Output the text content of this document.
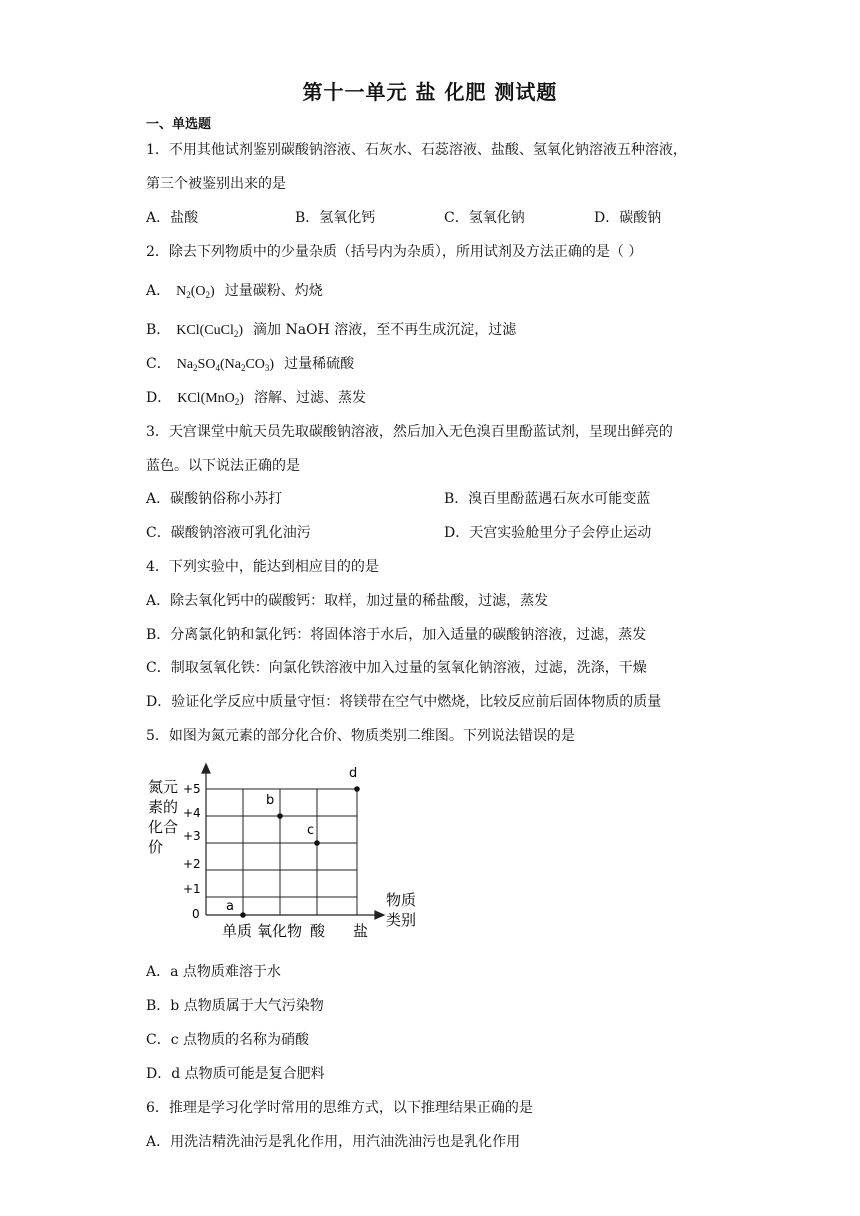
第十一单元 盐 化肥 测试题
一、单选题
1．不用其他试剂鉴别碳酸钠溶液、石灰水、石蕊溶液、盐酸、氢氧化钠溶液五种溶液，
第三个被鉴别出来的是
A．盐酸	B．氢氧化钙	C．氢氧化钠	D．碳酸钠
2．除去下列物质中的少量杂质（括号内为杂质），所用试剂及方法正确的是（ ）
A． $N_2(O_2)$ 过量碳粉、灼烧
B． KCl(CuCl$_2$) 滴加 NaOH 溶液，至不再生成沉淀，过滤
C． $Na_2SO_4(Na_2CO_3)$ 过量稀硫酸
D． KCl(MnO$_2$) 溶解、过滤、蒸发
3．天宫课堂中航天员先取碳酸钠溶液，然后加入无色溴百里酚蓝试剂，呈现出鲜亮的
蓝色。以下说法正确的是
A．碳酸钠俗称小苏打	B．溴百里酚蓝遇石灰水可能变蓝
C．碳酸钠溶液可乳化油污	D．天宫实验舱里分子会停止运动
4．下列实验中，能达到相应目的的是
A．除去氧化钙中的碳酸钙：取样，加过量的稀盐酸，过滤，蒸发
B．分离氯化钠和氯化钙：将固体溶于水后，加入适量的碳酸钠溶液，过滤，蒸发
C．制取氢氧化铁：向氯化铁溶液中加入过量的氢氧化钠溶液，过滤，洗涤，干燥
D．验证化学反应中质量守恒：将镁带在空气中燃烧，比较反应前后固体物质的质量
5．如图为氮元素的部分化合价、物质类别二维图。下列说法错误的是
氮元
素的
化合
价
+5
+4
+3
+2
+1
0
单质 氧化物 酸 盐
物质
类别
a
b
c
d
A．a 点物质难溶于水
B．b 点物质属于大气污染物
C．c 点物质的名称为硝酸
D．d 点物质可能是复合肥料
6．推理是学习化学时常用的思维方式，以下推理结果正确的是
A．用洗洁精洗油污是乳化作用，用汽油洗油污也是乳化作用
